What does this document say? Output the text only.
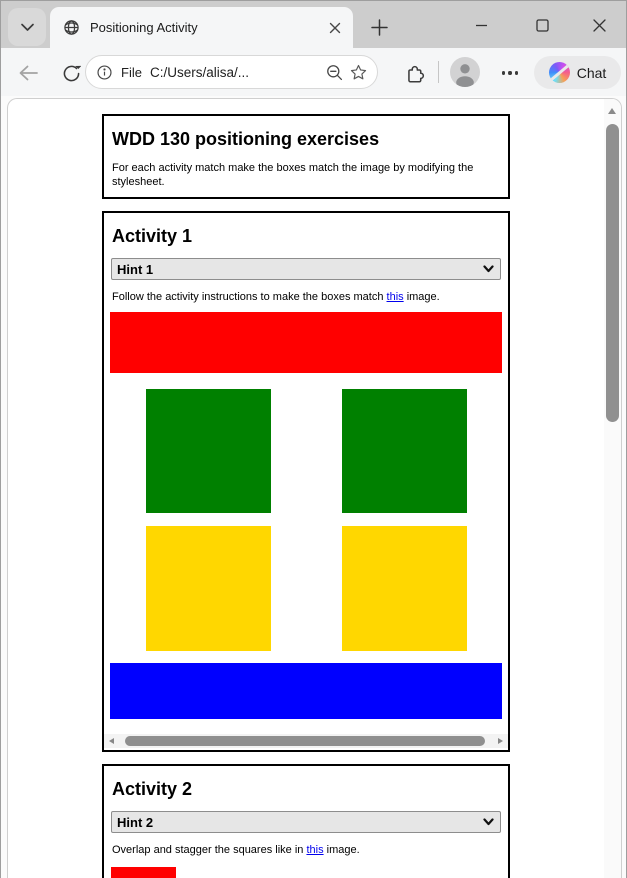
Positioning Activity
File C:/Users/alisa/...	Chat
WDD 130 positioning exercises

For each activity match make the boxes match the image by modifying the stylesheet.

Activity 1
Hint 1

Follow the activity instructions to make the boxes match this image.

Activity 2
Hint 2

Overlap and stagger the squares like in this image.
